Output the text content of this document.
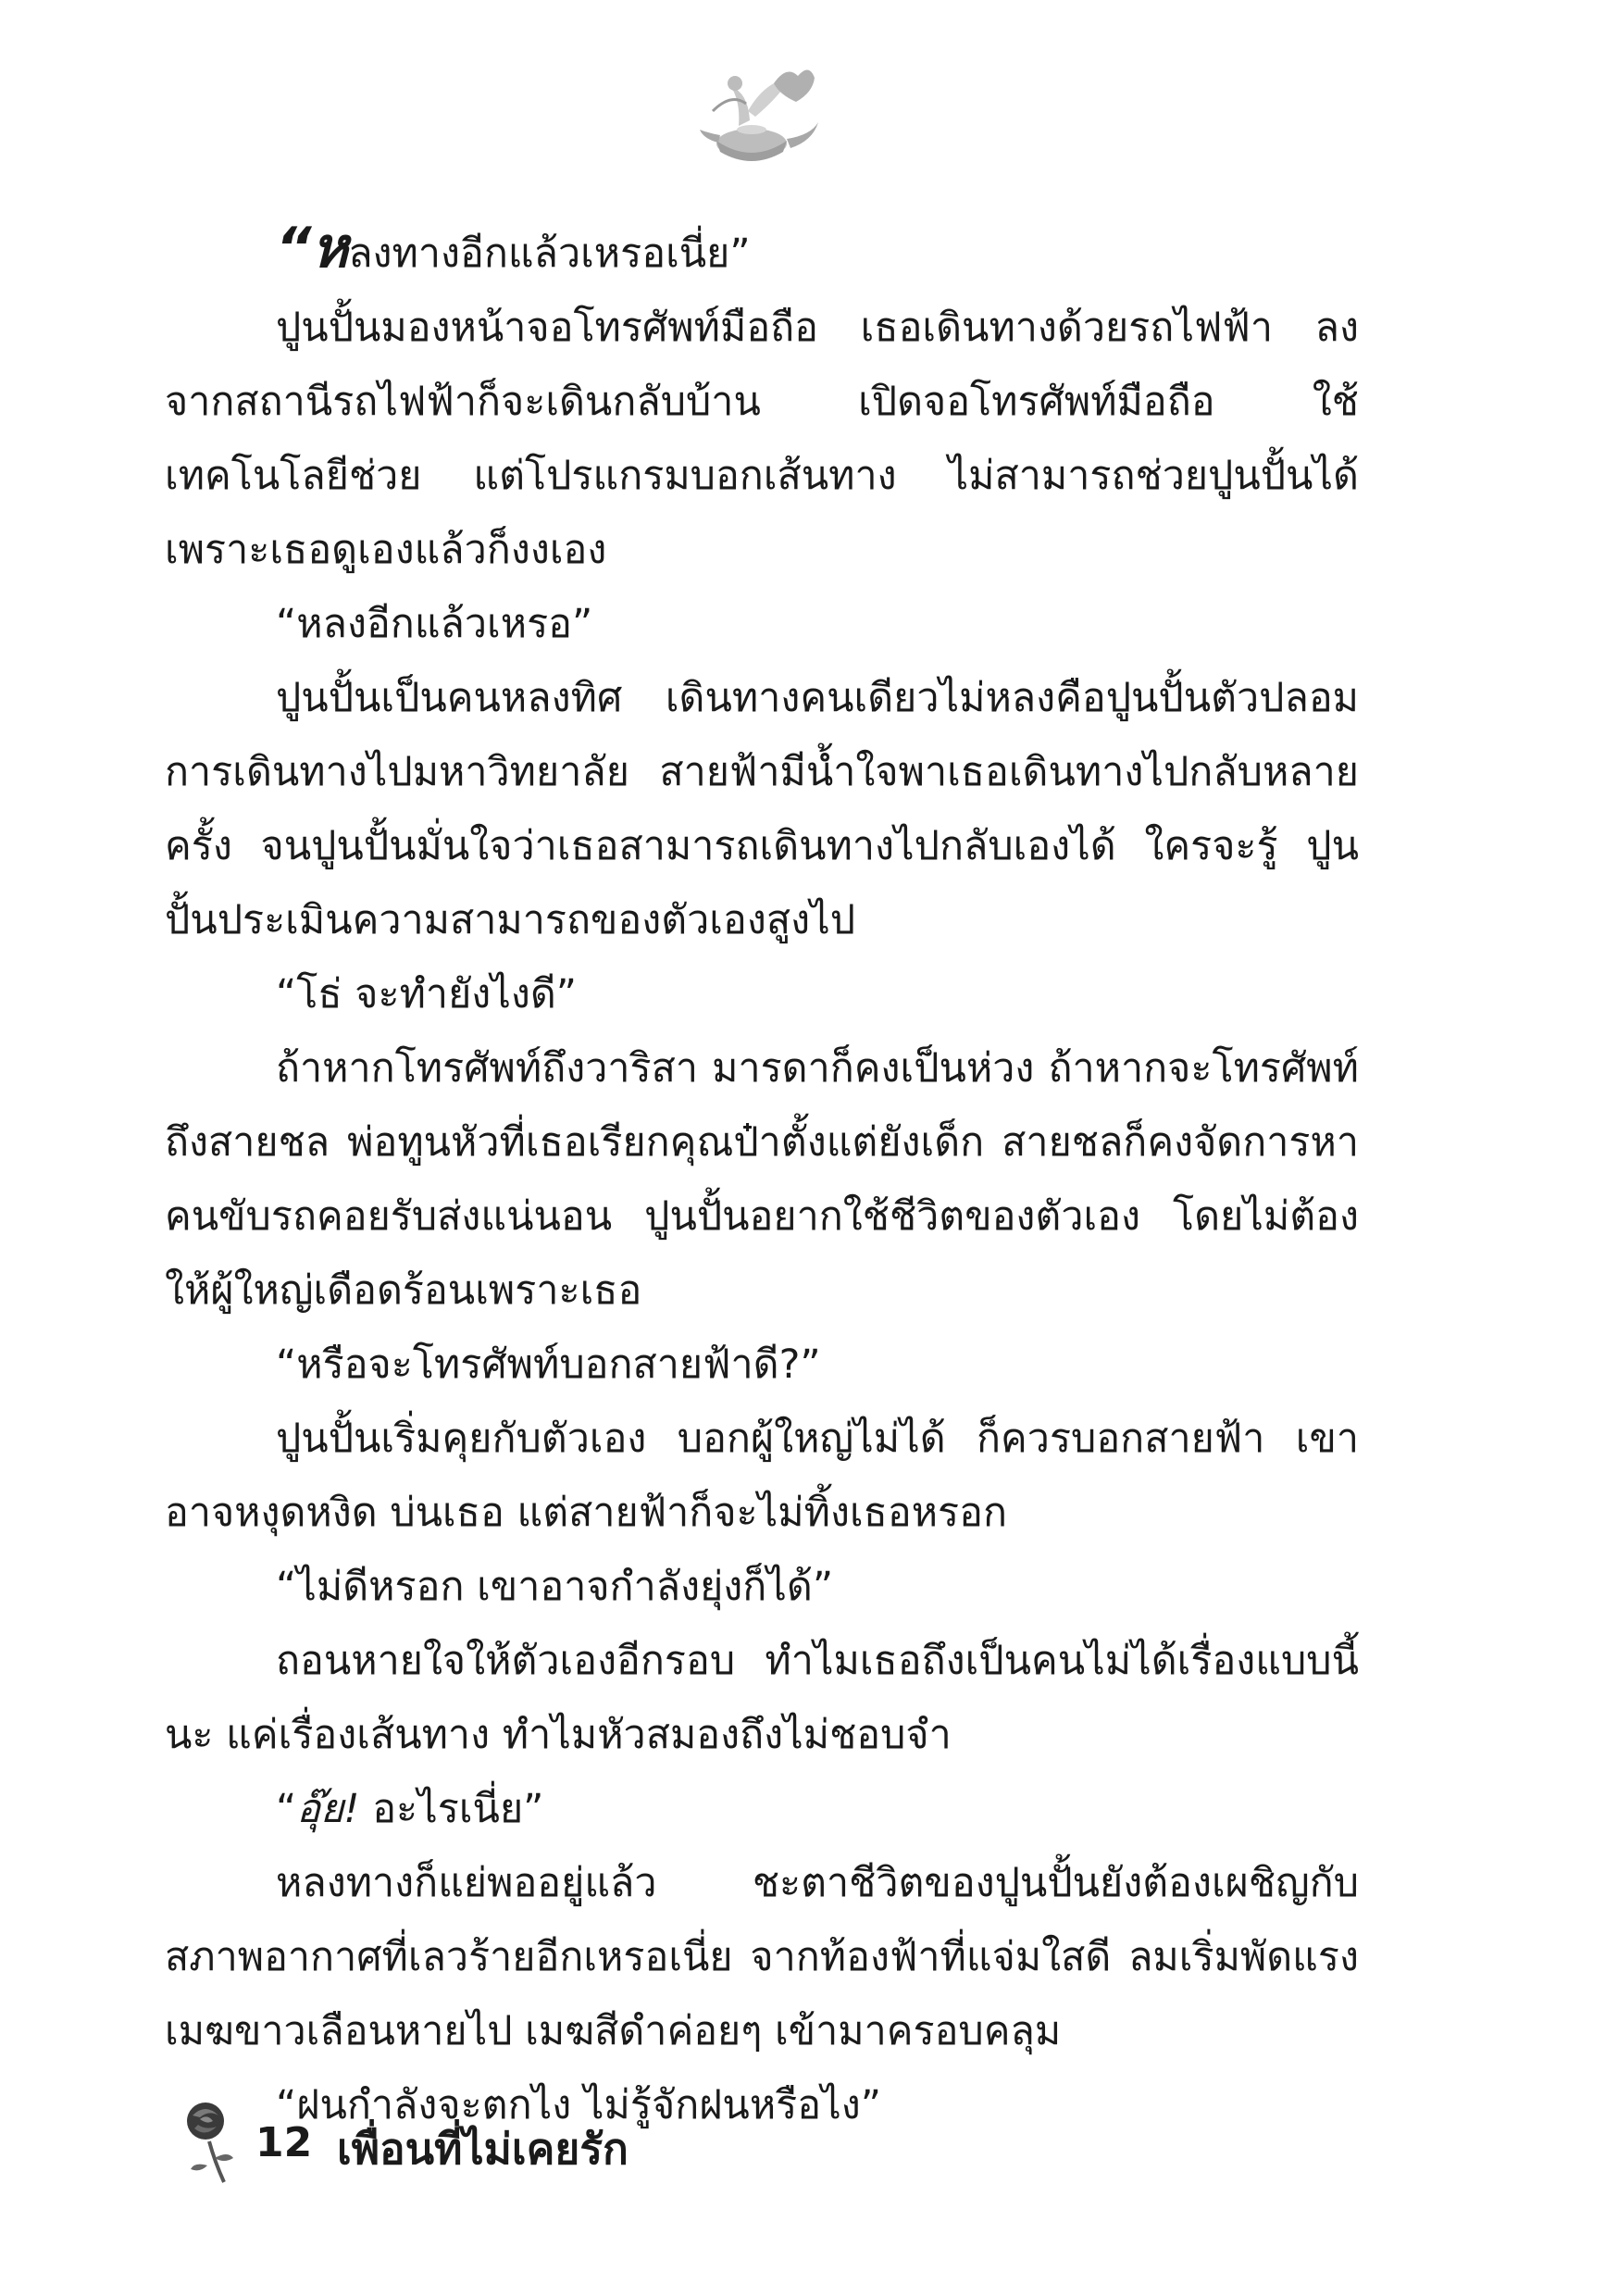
“หลงทางอีกแล้วเหรอเนี่ย”

ปูนปั้นมองหน้าจอโทรศัพท์มือถือ เธอเดินทางด้วยรถไฟฟ้า ลงจากสถานีรถไฟฟ้าก็จะเดินกลับบ้าน เปิดจอโทรศัพท์มือถือ ใช้เทคโนโลยีช่วย แต่โปรแกรมบอกเส้นทาง ไม่สามารถช่วยปูนปั้นได้ เพราะเธอดูเองแล้วก็งงเอง

“หลงอีกแล้วเหรอ”

ปูนปั้นเป็นคนหลงทิศ เดินทางคนเดียวไม่หลงคือปูนปั้นตัวปลอม การเดินทางไปมหาวิทยาลัย สายฟ้ามีน้ำใจพาเธอเดินทางไปกลับหลายครั้ง จนปูนปั้นมั่นใจว่าเธอสามารถเดินทางไปกลับเองได้ ใครจะรู้ ปูนปั้นประเมินความสามารถของตัวเองสูงไป

“โธ่ จะทำยังไงดี”

ถ้าหากโทรศัพท์ถึงวาริสา มารดาก็คงเป็นห่วง ถ้าหากจะโทรศัพท์ถึงสายชล พ่อทูนหัวที่เธอเรียกคุณป๋าตั้งแต่ยังเด็ก สายชลก็คงจัดการหาคนขับรถคอยรับส่งแน่นอน ปูนปั้นอยากใช้ชีวิตของตัวเอง โดยไม่ต้องให้ผู้ใหญ่เดือดร้อนเพราะเธอ

“หรือจะโทรศัพท์บอกสายฟ้าดี?”

ปูนปั้นเริ่มคุยกับตัวเอง บอกผู้ใหญ่ไม่ได้ ก็ควรบอกสายฟ้า เขาอาจหงุดหงิด บ่นเธอ แต่สายฟ้าก็จะไม่ทิ้งเธอหรอก

“ไม่ดีหรอก เขาอาจกำลังยุ่งก็ได้”

ถอนหายใจให้ตัวเองอีกรอบ ทำไมเธอถึงเป็นคนไม่ได้เรื่องแบบนี้นะ แค่เรื่องเส้นทาง ทำไมหัวสมองถึงไม่ชอบจำ

“อุ๊ย! อะไรเนี่ย”

หลงทางก็แย่พออยู่แล้ว ชะตาชีวิตของปูนปั้นยังต้องเผชิญกับสภาพอากาศที่เลวร้ายอีกเหรอเนี่ย จากท้องฟ้าที่แจ่มใสดี ลมเริ่มพัดแรง เมฆขาวเลือนหายไป เมฆสีดำค่อยๆ เข้ามาครอบคลุม

“ฝนกำลังจะตกไง ไม่รู้จักฝนหรือไง”

12 เพื่อนที่ไม่เคยรัก
